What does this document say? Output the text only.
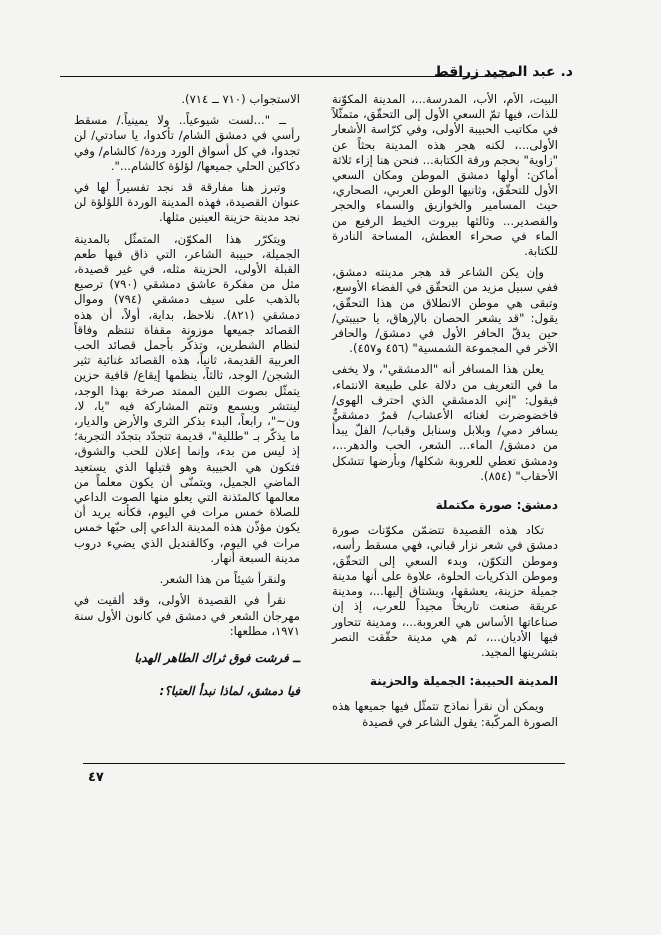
د. عبد المجيد زراقط

البيت، الأم، الأب، المدرسة...، المدينة المكوّنة للذات، فيها تمّ السعي الأول إلى التحقّق، متمثّلاً في مكاتيب الحبيبة الأولى، وفي كرّاسة الأشعار الأولى...، لكنه هجر هذه المدينة بحثاً عن "زاوية" بحجم ورقة الكتابة... فنحن هنا إزاء ثلاثة أماكن: أولها دمشق الموطن ومكان السعي الأول للتحقّق، وثانيها الوطن العربي، الصحاري، حيث المسامير والخوازيق والسماء والحجر والقصدير... وثالثها بيروت الخيط الرفيع من الماء في صحراء العطش، المساحة النادرة للكتابة.

وإن يكن الشاعر قد هجر مدينته دمشق، ففي سبيل مزيد من التحقّق في الفضاء الأوسع، وتبقى هي موطن الانطلاق من هذا التحقّق، يقول: "قد يشعر الحصان بالإرهاق، يا حبيبتي/ حين يدقّ الحافر الأول في دمشق/ والحافر الآخر في المجموعة الشمسية" (٤٥٦ و٤٥٧).

يعلن هذا المسافر أنه "الدمشقي"، ولا يخفى ما في التعريف من دلالة على طبيعة الانتماء، فيقول: "إني الدمشقي الذي احترف الهوى/ فاخضوضرت لغنائه الأعشاب/ قمرٌ دمشقيٌّ يسافر دمي/ وبلابل وسنابل وقباب/ الفلّ يبدأ من دمشق/ الماء... الشعر، الحب والدهر...، ودمشق تعطي للعروبة شكلها/ وبأرضها تتشكل الأحقاب" (٨٥٤).

دمشق: صورة مكتملة

تكاد هذه القصيدة تتضمّن مكوّنات صورة دمشق في شعر نزار قباني، فهي مسقط رأسه، وموطن التكوّن، وبدء السعي إلى التحقّق، وموطن الذكريات الحلوة، علاوة على أنها مدينة جميلة حزينة، يعشقها، ويشتاق إليها...، ومدينة عريقة صنعت تاريخاً مجيداً للعرب، إذ إن صناعاتها الأساس هي العروبة...، ومدينة تتحاور فيها الأديان...، ثم هي مدينة حقّقت النصر بتشرينها المجيد.

المدينة الحبيبة: الجميلة والحزينة

ويمكن أن نقرأ نماذج تتمثّل فيها جميعها هذه الصورة المركّبة: يقول الشاعر في قصيدة

الاستجواب (٧١٠ ــ ٧١٤).

ــ "...لست شيوعياً.. ولا يمينياً./ مسقط رأسي في دمشق الشام/ تأكدوا، يا سادتي/ لن تجدوا، في كل أسواق الورد وردة/ كالشام/ وفي دكاكين الحلي جميعها/ لؤلؤة كالشام...".

وتبرز هنا مفارقة قد نجد تفسيراً لها في عنوان القصيدة، فهذه المدينة الوردة اللؤلؤة لن نجد مدينة حزينة العينين مثلها.

ويتكرّر هذا المكوّن، المتمثّل بالمدينة الجميلة، حبيبة الشاعر، التي ذاق فيها طعم القبلة الأولى، الحزينة مثله، في غير قصيدة، مثل من مفكرة عاشق دمشقي (٧٩٠) ترصيع بالذهب على سيف دمشقي (٧٩٤) وموال دمشقي (٨٢١). نلاحظ، بداية، أولاً، أن هذه القصائد جميعها موزونة مقفاة تنتظم وفاقاً لنظام الشطرين، وتذكّر بأجمل قصائد الحب العربية القديمة، ثانياً، هذه القصائد غنائية تثير الشجن/ الوجد، ثالثاً، ينظمها إيقاع/ قافية حزين يتمثّل بصوت اللين الممتد صرخة بهذا الوجد، لينتشر ويسمع وتتم المشاركة فيه "يا، لا، ون~"، رابعاً، البدء بذكر الثرى والأرض والديار، ما يذكّر بـ "طللية"، قديمة تتجدّد بتجدّد التجربة؛ إذ ليس من بدء، وإنما إعلان للحب والشوق، فتكون هي الحبيبة وهو قتيلها الذي يستعيد الماضي الجميل، ويتمنّى أن يكون معلماً من معالمها كالمئذنة التي يعلو منها الصوت الداعي للصلاة خمس مرات في اليوم، فكأنه يريد أن يكون مؤذّن هذه المدينة الداعي إلى حبّها خمس مرات في اليوم، وكالقنديل الذي يضيء دروب مدينة السبعة أنهار.

ولنقرأ شيئاً من هذا الشعر.

نقرأ في القصيدة الأولى، وقد ألقيت في مهرجان الشعر في دمشق في كانون الأول سنة ١٩٧١، مطلعها:

ــ فرشت فوق ثراك الطاهر الهدبا
فيا دمشق، لماذا نبدأ العتبا؟:
٤٧
